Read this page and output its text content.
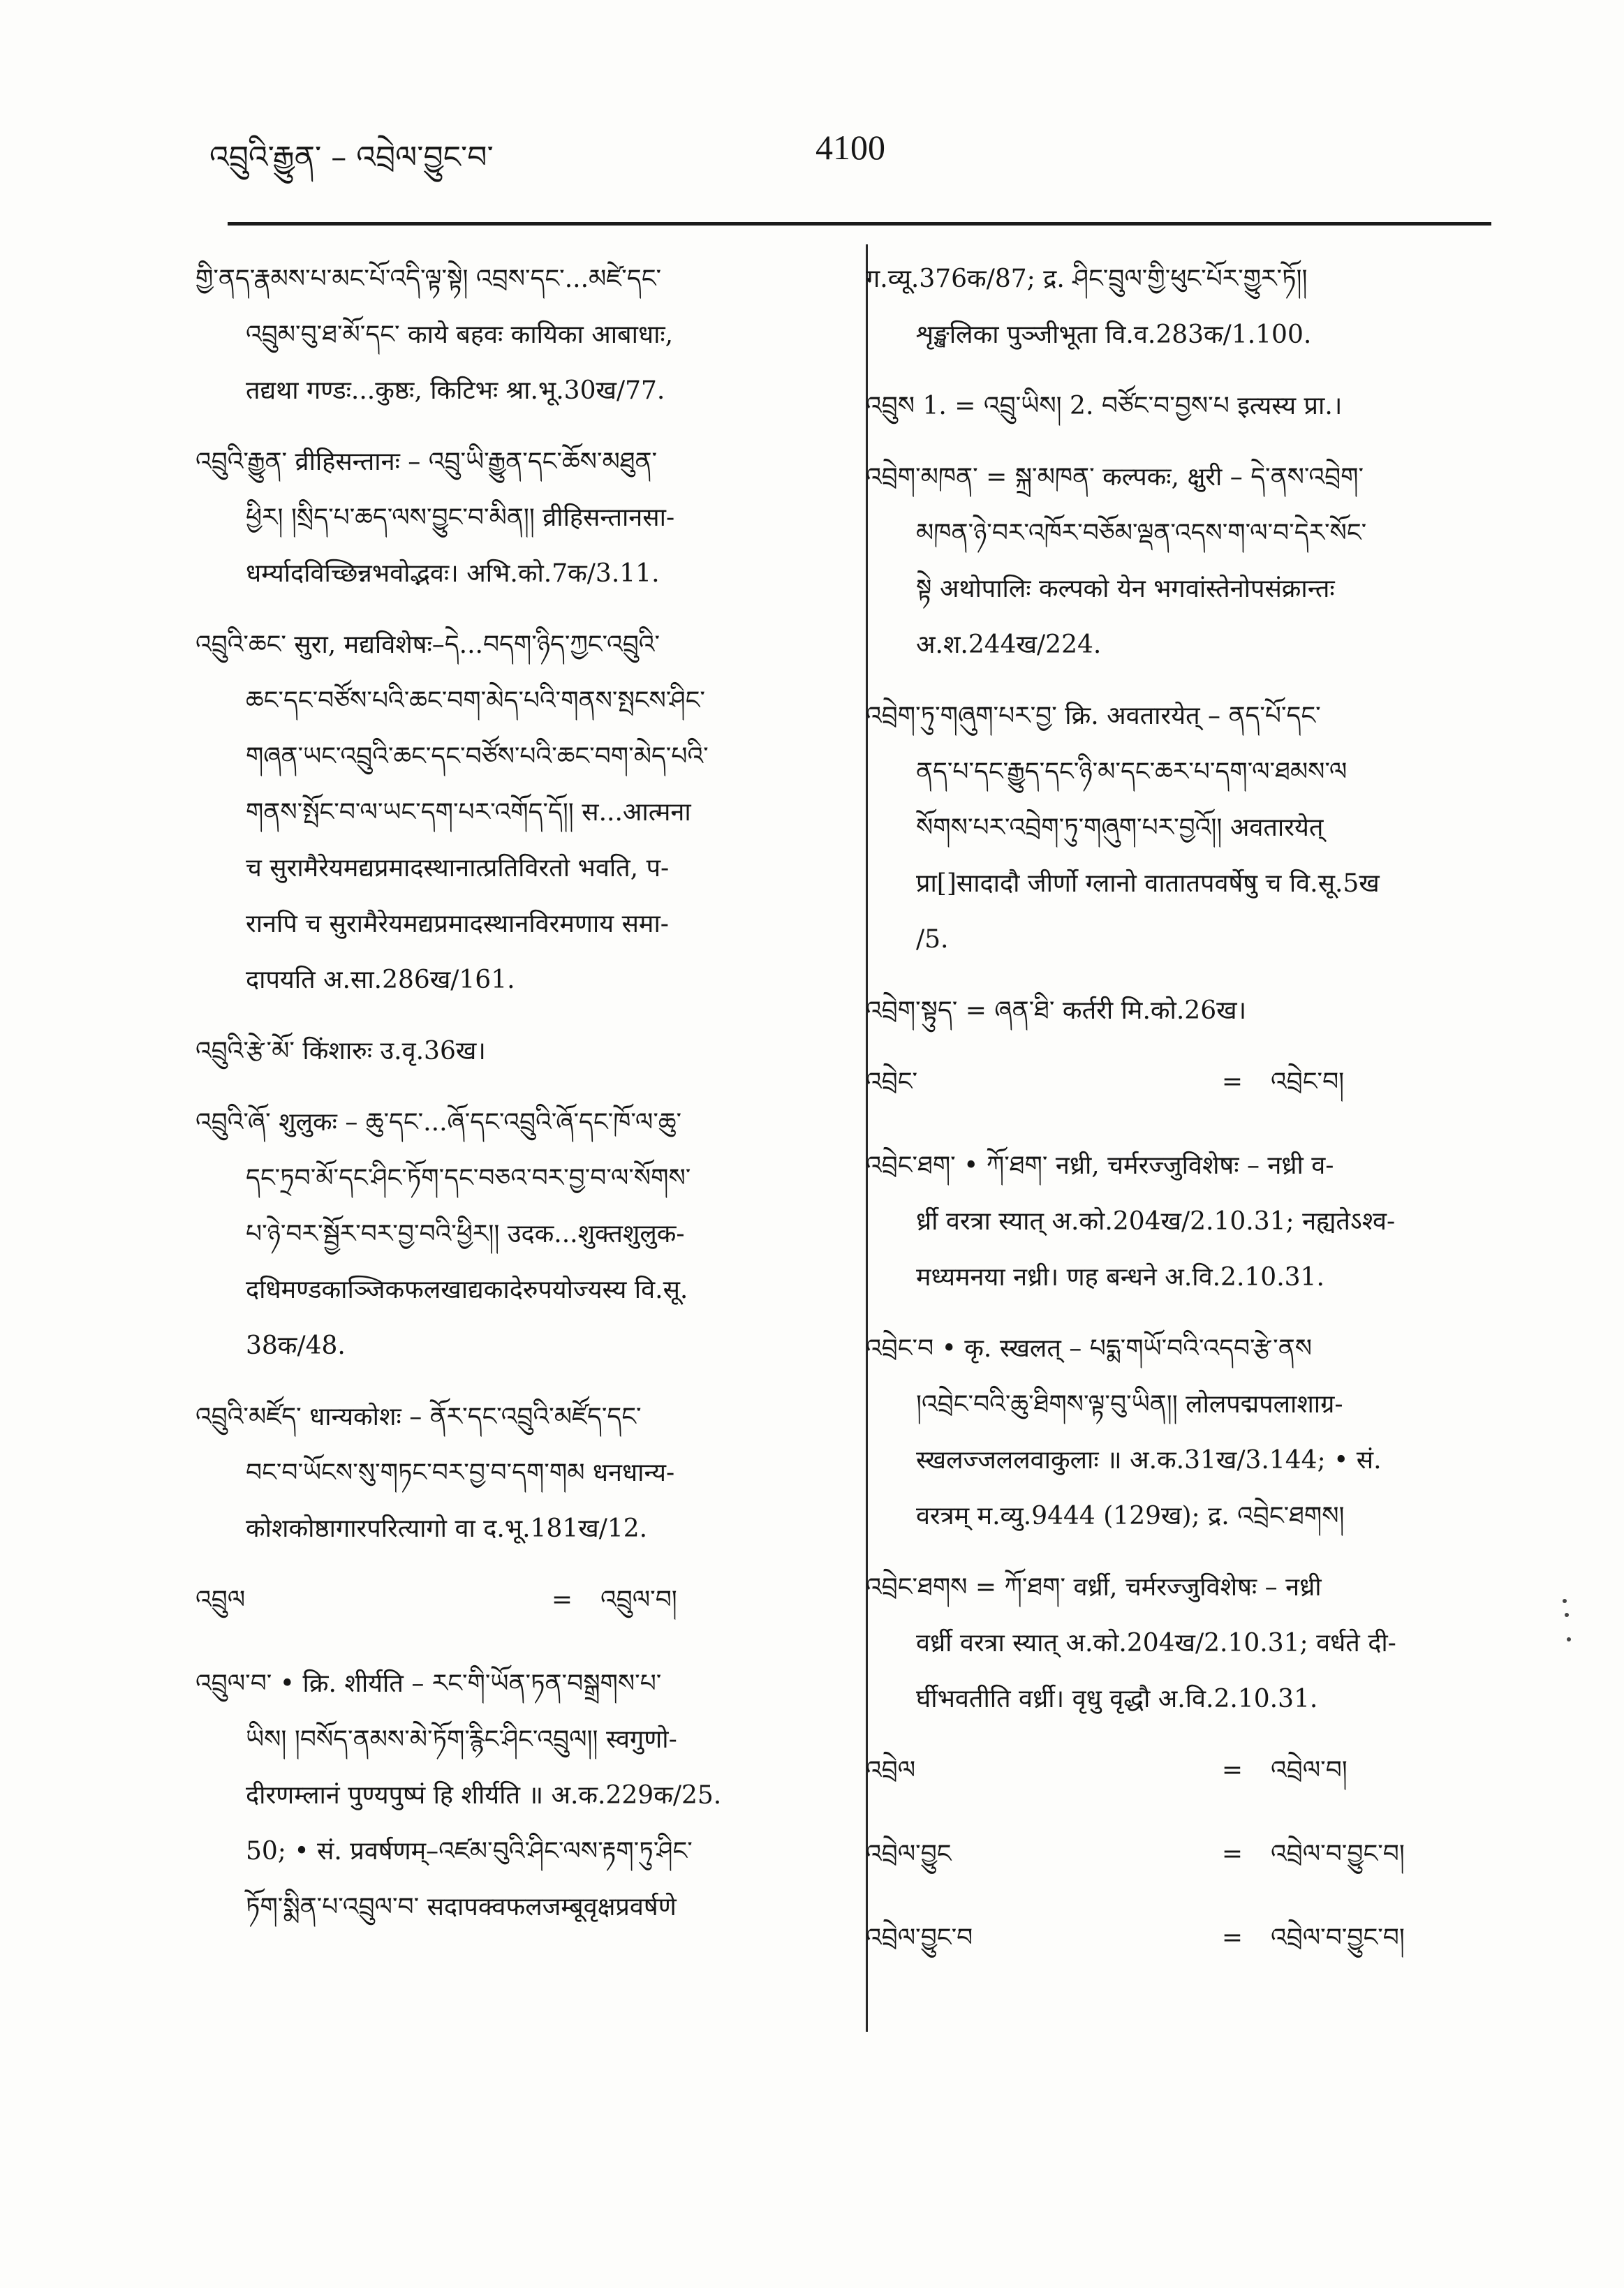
འབྲུའི་རྒྱུན་ – འབྲེལ་བྱུང་བ་	4100
གྱི་ནད་རྣམས་པ་མང་པོ་འདི་ལྟ་སྟེ། འབྲས་དང་...མཛེ་དང་
འབྲུམ་བུ་ཐ་མོ་དང་ काये बहवः कायिका आबाधाः,
तद्यथा गण्डः...कुष्ठः, किटिभः श्रा.भू.30ख/77.
འབྲུའི་རྒྱུན་ व्रीहिसन्तानः – འབྲུ་ཡི་རྒྱུན་དང་ཆོས་མཐུན་
ཕྱིར། །སྲིད་པ་ཆད་ལས་བྱུང་བ་མིན།། व्रीहिसन्तानसा-
धर्म्यादविच्छिन्नभवोद्भवः। अभि.को.7क/3.11.
འབྲུའི་ཆང་ सुरा, मद्यविशेषः–དེ...བདག་ཉིད་ཀྱང་འབྲུའི་
ཆང་དང་བཙོས་པའི་ཆང་བག་མེད་པའི་གནས་སྤངས་ཤིང་
གཞན་ཡང་འབྲུའི་ཆང་དང་བཙོས་པའི་ཆང་བག་མེད་པའི་
གནས་སྤོང་བ་ལ་ཡང་དག་པར་འགོད་དོ།། स...आत्मना
च सुरामैरेयमद्यप्रमादस्थानात्प्रतिविरतो भवति, प-
रानपि च सुरामैरेयमद्यप्रमादस्थानविरमणाय समा-
दापयति अ.सा.286ख/161.
འབྲུའི་རྩེ་མོ་ किंशारुः उ.वृ.36ख।
འབྲུའི་ཞོ་ शुलुकः – ཆུ་དང་...ཞོ་དང་འབྲུའི་ཞོ་དང་ཁོ་ལ་ཆུ་
དང་ཏྲབ་མོ་དང་ཤིང་ཏོག་དང་བཅའ་བར་བྱ་བ་ལ་སོགས་
པ་ཉེ་བར་སྦྱོར་བར་བྱ་བའི་ཕྱིར།། उदक...शुक्तशुलुक-
दधिमण्डकाञ्जिकफलखाद्यकादेरुपयोज्यस्य वि.सू.
38क/48.
འབྲུའི་མཛོད་ धान्यकोशः – ནོར་དང་འབྲུའི་མཛོད་དང་
བང་བ་ཡོངས་སུ་གཏང་བར་བྱ་བ་དག་གམ धनधान्य-
कोशकोष्ठागारपरित्यागो वा द.भू.181ख/12.
འབྲུལ	=	འབྲུལ་བ།
འབྲུལ་བ་ • क्रि. शीर्यति – རང་གི་ཡོན་ཏན་བསྒྲགས་པ་
ཡིས། །བསོད་ནམས་མེ་ཏོག་རྙིང་ཤིང་འབྲུལ།། स्वगुणो-
दीरणम्लानं पुण्यपुष्पं हि शीर्यति ॥ अ.क.229क/25.
50; • सं. प्रवर्षणम्–འཛམ་བུའི་ཤིང་ལས་རྟག་ཏུ་ཤིང་
ཏོག་སྨིན་པ་འབྲུལ་བ་ सदापक्वफलजम्बूवृक्षप्रवर्षणे
ग.व्यू.376क/87; द्र. ཤིང་བྲུལ་གྱི་ཕུང་པོར་གྱུར་ཏོ།།
शृङ्खलिका पुञ्जीभूता वि.व.283क/1.100.
འབྲུས 1. = འབྲུ་ཡིས། 2. བཙོང་བ་བྱས་པ इत्यस्य प्रा.।
འབྲེག་མཁན་ = སྐྲ་མཁན་ कल्पकः, क्षुरी – དེ་ནས་འབྲེག་
མཁན་ཉེ་བར་འཁོར་བཅོམ་ལྡན་འདས་ག་ལ་བ་དེར་སོང་
སྟེ अथोपालिः कल्पको येन भगवांस्तेनोपसंक्रान्तः
अ.श.244ख/224.
འབྲེག་ཏུ་གཞུག་པར་བྱ་ क्रि. अवतारयेत् – ནད་པོ་དང་
ནད་པ་དང་རྒྱུད་དང་ཉི་མ་དང་ཆར་པ་དག་ལ་ཐམས་ལ
སོགས་པར་འབྲེག་ཏུ་གཞུག་པར་བྱའོ།། अवतारयेत्
प्रा[]सादादौ जीर्णो ग्लानो वातातपवर्षेषु च वि.सू.5ख
/5.
འབྲེག་སྟུད་ = ཞན་ཐི་ कर्तरी मि.को.26ख।
འབྲེང་	=	འབྲེང་བ།
འབྲེང་ཐག་ • ཀོ་ཐག་ नध्री, चर्मरज्जुविशेषः – नध्री व-
र्ध्री वरत्रा स्यात् अ.को.204ख/2.10.31; नह्यतेऽश्व-
मध्यमनया नध्री। णह बन्धने अ.वि.2.10.31.
འབྲེང་བ • कृ. स्खलत् – པདྨ་གཡོ་བའི་འདབ་རྩེ་ནས
།འབྲེང་བའི་ཆུ་ཐིགས་ལྟ་བུ་ཡིན།། लोलपद्मपलाशाग्र-
स्खलज्जललवाकुलाः ॥ अ.क.31ख/3.144; • सं.
वरत्रम् म.व्यु.9444 (129ख); द्र. འབྲེང་ཐགས།
འབྲེང་ཐགས = ཀོ་ཐག་ वर्ध्री, चर्मरज्जुविशेषः – नध्री
वर्ध्री वरत्रा स्यात् अ.को.204ख/2.10.31; वर्धते दी-
र्घीभवतीति वर्ध्री। वृधु वृद्धौ अ.वि.2.10.31.
འབྲེལ	=	འབྲེལ་བ།
འབྲེལ་བྱུང	=	འབྲེལ་བ་བྱུང་བ།
འབྲེལ་བྱུང་བ	=	འབྲེལ་བ་བྱུང་བ།
